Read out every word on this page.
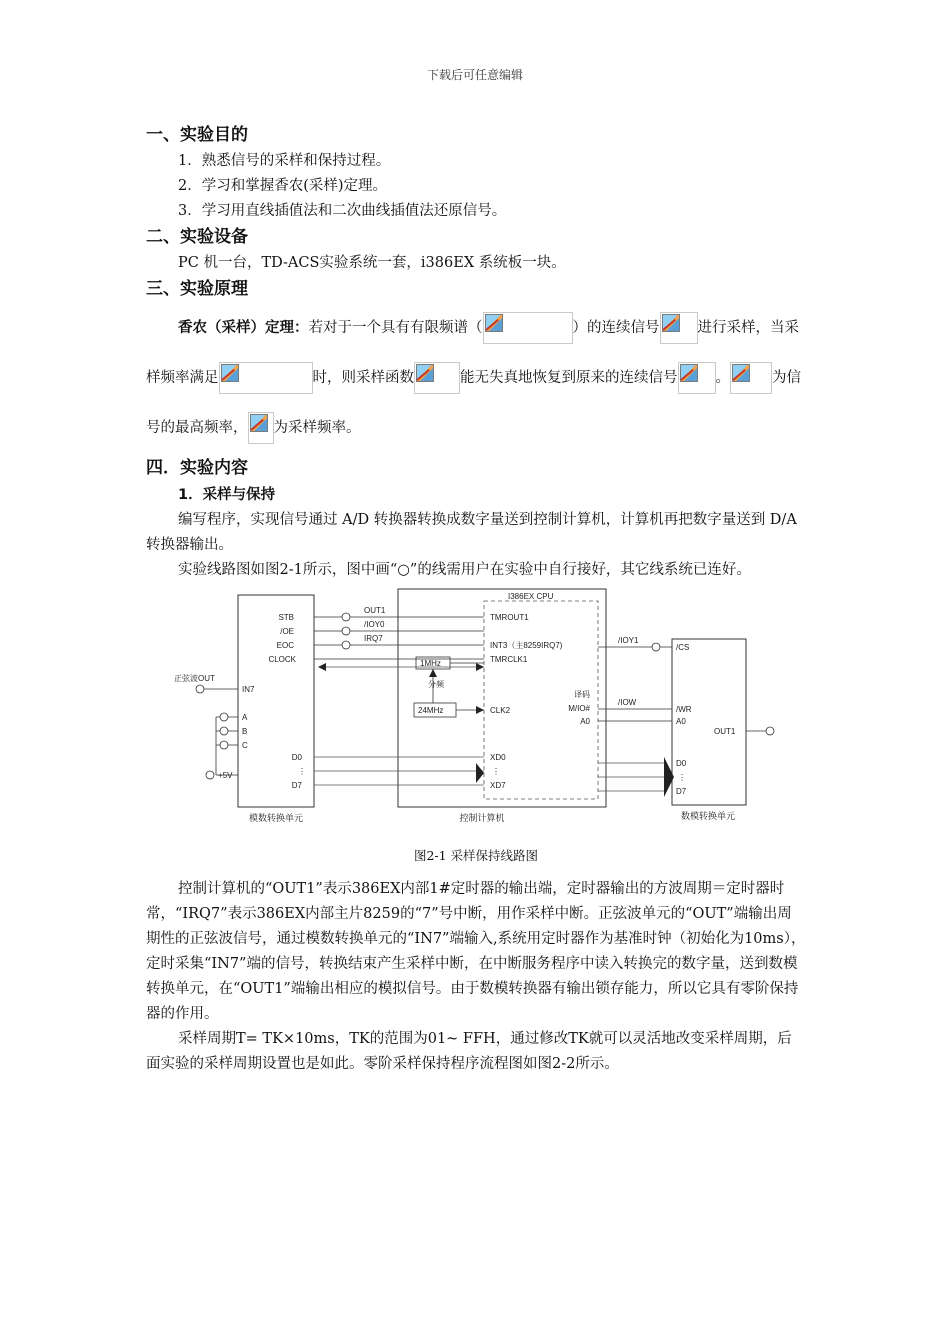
下载后可任意编辑
一、实验目的

1．熟悉信号的采样和保持过程。

2．学习和掌握香农(采样)定理。

3．学习用直线插值法和二次曲线插值法还原信号。

二、实验设备

PC 机一台，TD-ACS实验系统一套，i386EX 系统板一块。

三、实验原理

香农（采样）定理：若对于一个具有有限频谱（	）的连续信号	进行采样，当采样频率满足	时，则采样函数	能无失真地恢复到原来的连续信号	。	为信号的最高频率， 为采样频率。

四．实验内容
1．采样与保持

编写程序，实现信号通过 A/D 转换器转换成数字量送到控制计算机，计算机再把数字量送到 D/A 转换器输出。

实验线路图如图2-1所示，图中画“○”的线需用户在实验中自行接好，其它线系统已连好。

STB
/OE
EOC
CLOCK
IN7
A
B
C
D0
D7
⋮
OUT1
/IOY0
IRQ7
正弦波OUT
+5V
I386EX CPU
TMROUT1
INT3（主8259IRQ7)
TMRCLK1
CLK2
XD0
XD7
⋮
1MHz
分频
24MHz
译码
M/IO#
A0
/IOY1
/IOW
/CS
/WR
A0
D0
D7
⋮
OUT1
模数转换单元	控制计算机	数模转换单元
图2-1 采样保持线路图

控制计算机的“OUT1”表示386EX内部1#定时器的输出端，定时器输出的方波周期＝定时器时常，“IRQ7”表示386EX内部主片8259的“7”号中断，用作采样中断。正弦波单元的“OUT”端输出周期性的正弦波信号，通过模数转换单元的“IN7”端输入,系统用定时器作为基准时钟（初始化为10ms），定时采集“IN7”端的信号，转换结束产生采样中断，在中断服务程序中读入转换完的数字量，送到数模转换单元，在“OUT1”端输出相应的模拟信号。由于数模转换器有输出锁存能力，所以它具有零阶保持器的作用。

采样周期T= TK×10ms，TK的范围为01~ FFH，通过修改TK就可以灵活地改变采样周期，后面实验的采样周期设置也是如此。零阶采样保持程序流程图如图2-2所示。
